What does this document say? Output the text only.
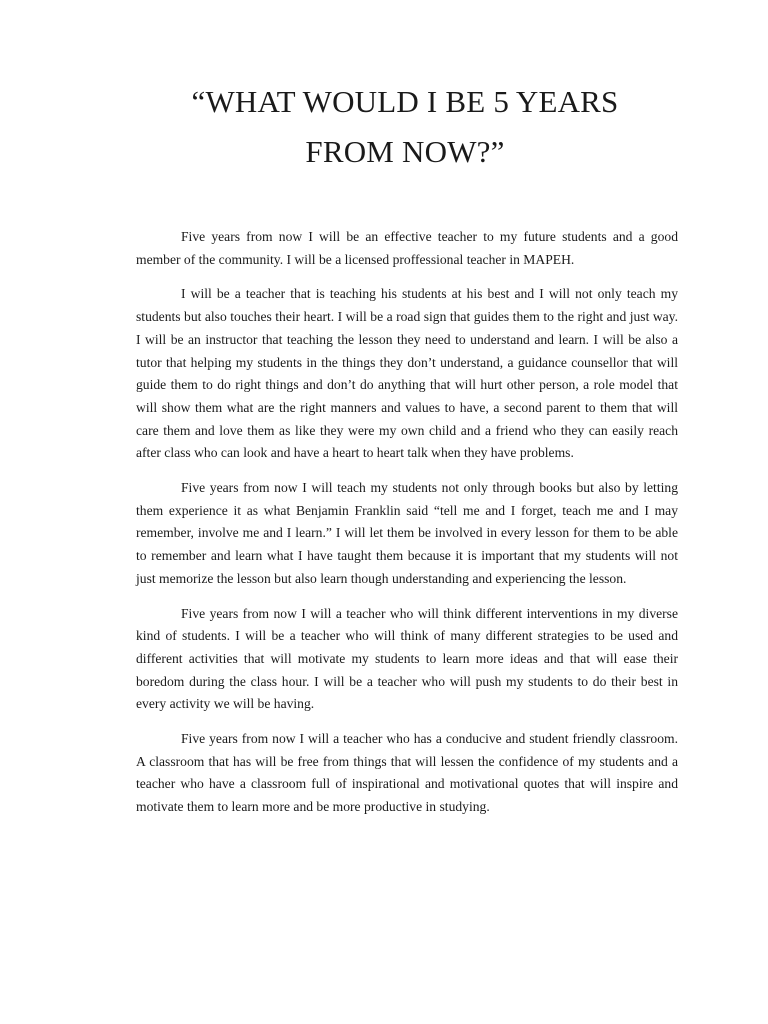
“WHAT WOULD I BE 5 YEARS
FROM NOW?”

Five years from now I will be an effective teacher to my future students and a good member of the community. I will be a licensed proffessional teacher in MAPEH.

I will be a teacher that is teaching his students at his best and I will not only teach my students but also touches their heart. I will be a road sign that guides them to the right and just way. I will be an instructor that teaching the lesson they need to understand and learn. I will be also a tutor that helping my students in the things they don’t understand, a guidance counsellor that will guide them to do right things and don’t do anything that will hurt other person, a role model that will show them what are the right manners and values to have, a second parent to them that will care them and love them as like they were my own child and a friend who they can easily reach after class who can look and have a heart to heart talk when they have problems.

Five years from now I will teach my students not only through books but also by letting them experience it as what Benjamin Franklin said “tell me and I forget, teach me and I may remember, involve me and I learn.” I will let them be involved in every lesson for them to be able to remember and learn what I have taught them because it is important that my students will not just memorize the lesson but also learn though understanding and experiencing the lesson.

Five years from now I will a teacher who will think different interventions in my diverse kind of students. I will be a teacher who will think of many different strategies to be used and different activities that will motivate my students to learn more ideas and that will ease their boredom during the class hour. I will be a teacher who will push my students to do their best in every activity we will be having.

Five years from now I will a teacher who has a conducive and student friendly classroom. A classroom that has will be free from things that will lessen the confidence of my students and a teacher who have a classroom full of inspirational and motivational quotes that will inspire and motivate them to learn more and be more productive in studying.
